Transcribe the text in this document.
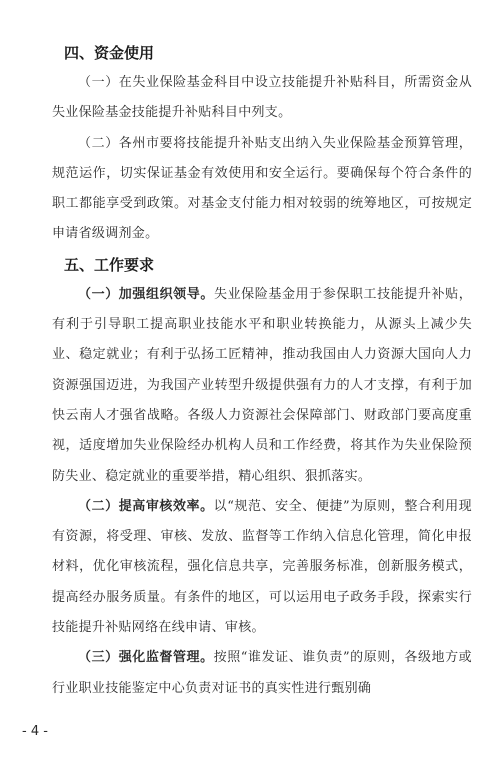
四、资金使用

（一）在失业保险基金科目中设立技能提升补贴科目，所需资金从失业保险基金技能提升补贴科目中列支。

（二）各州市要将技能提升补贴支出纳入失业保险基金预算管理，规范运作，切实保证基金有效使用和安全运行。要确保每个符合条件的职工都能享受到政策。对基金支付能力相对较弱的统筹地区，可按规定申请省级调剂金。

五、工作要求

（一）加强组织领导。失业保险基金用于参保职工技能提升补贴，有利于引导职工提高职业技能水平和职业转换能力，从源头上减少失业、稳定就业；有利于弘扬工匠精神，推动我国由人力资源大国向人力资源强国迈进，为我国产业转型升级提供强有力的人才支撑，有利于加快云南人才强省战略。各级人力资源社会保障部门、财政部门要高度重视，适度增加失业保险经办机构人员和工作经费，将其作为失业保险预防失业、稳定就业的重要举措，精心组织、狠抓落实。

（二）提高审核效率。以“规范、安全、便捷”为原则，整合利用现有资源，将受理、审核、发放、监督等工作纳入信息化管理，简化申报材料，优化审核流程，强化信息共享，完善服务标准，创新服务模式，提高经办服务质量。有条件的地区，可以运用电子政务手段，探索实行技能提升补贴网络在线申请、审核。

（三）强化监督管理。按照“谁发证、谁负责”的原则，各级地方或行业职业技能鉴定中心负责对证书的真实性进行甄别确

- 4 -
